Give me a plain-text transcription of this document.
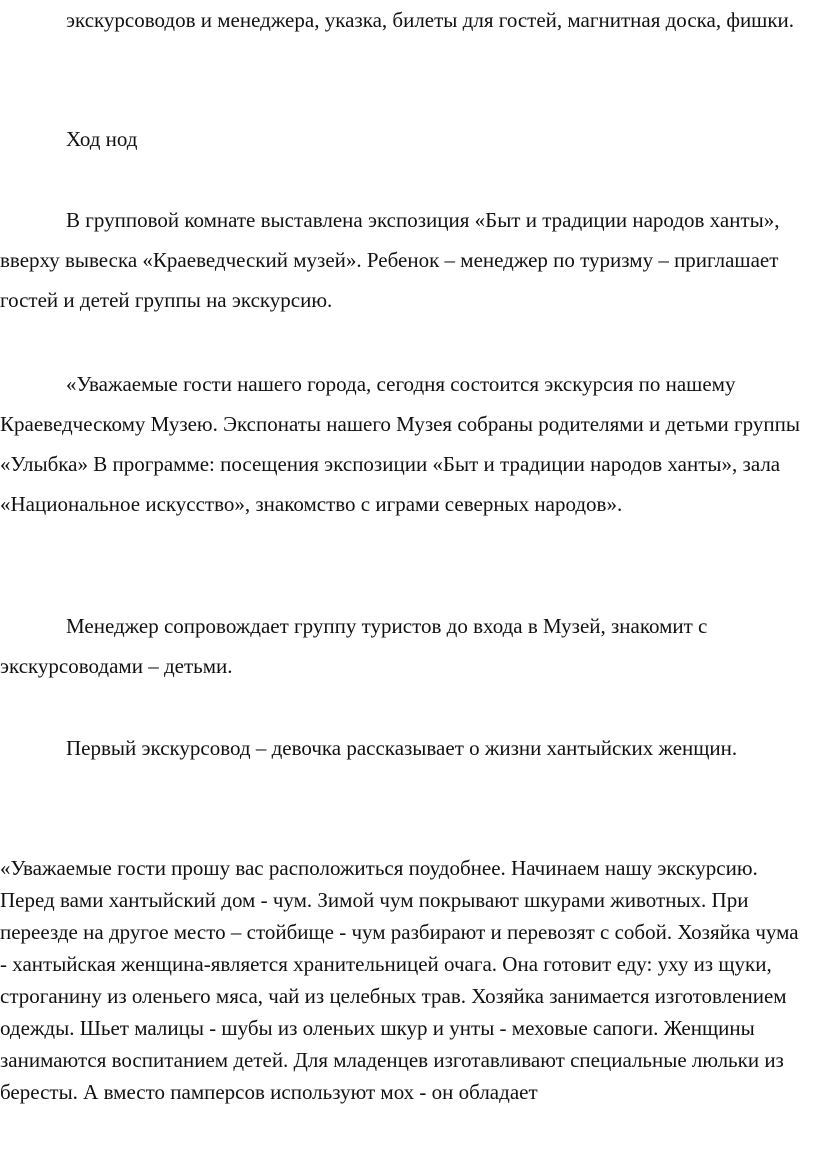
экскурсоводов и менеджера, указка, билеты для гостей, магнитная доска, фишки.

Ход нод

В групповой комнате выставлена экспозиция «Быт и традиции народов ханты», вверху вывеска «Краеведческий музей». Ребенок – менеджер по туризму – приглашает гостей и детей группы на экскурсию.

«Уважаемые гости нашего города, сегодня состоится экскурсия по нашему Краеведческому Музею. Экспонаты нашего Музея собраны родителями и детьми группы «Улыбка» В программе: посещения экспозиции «Быт и традиции народов ханты», зала «Национальное искусство», знакомство с играми северных народов».

Менеджер сопровождает группу туристов до входа в Музей, знакомит с экскурсоводами – детьми.

Первый экскурсовод – девочка рассказывает о жизни хантыйских женщин.

«Уважаемые гости прошу вас расположиться поудобнее. Начинаем нашу экскурсию. Перед вами хантыйский дом - чум. Зимой чум покрывают шкурами животных. При переезде на другое место – стойбище - чум разбирают и перевозят с собой. Хозяйка чума - хантыйская женщина-является хранительницей очага. Она готовит еду: уху из щуки, строганину из оленьего мяса, чай из целебных трав. Хозяйка занимается изготовлением одежды. Шьет малицы - шубы из оленьих шкур и унты - меховые сапоги. Женщины занимаются воспитанием детей. Для младенцев изготавливают специальные люльки из бересты. А вместо памперсов используют мох - он обладает
